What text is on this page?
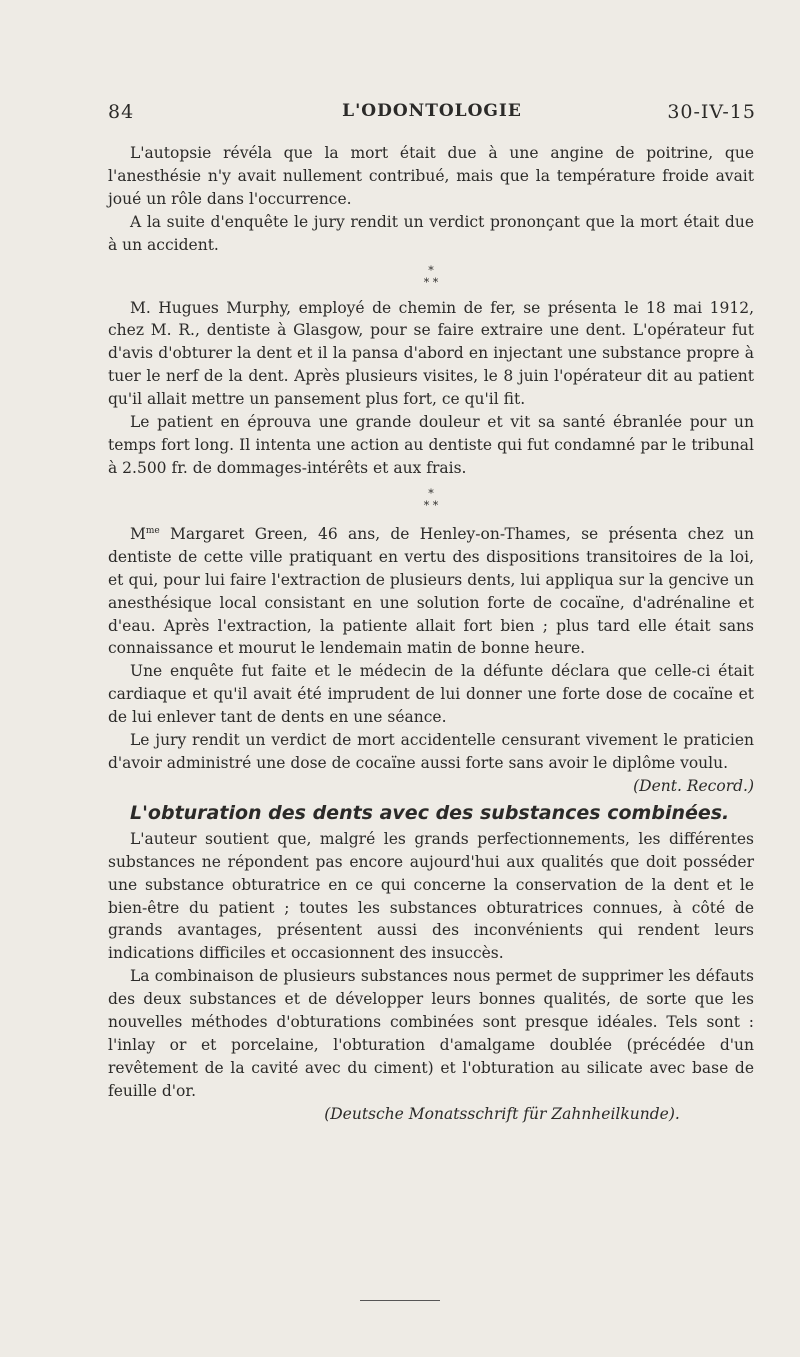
84	L'ODONTOLOGIE	30-IV-15

L'autopsie révéla que la mort était due à une angine de poitrine, que l'anesthésie n'y avait nullement contribué, mais que la température froide avait joué un rôle dans l'occurrence.

A la suite d'enquête le jury rendit un verdict prononçant que la mort était due à un accident.

*
* *

M. Hugues Murphy, employé de chemin de fer, se présenta le 18 mai 1912, chez M. R., dentiste à Glasgow, pour se faire extraire une dent. L'opérateur fut d'avis d'obturer la dent et il la pansa d'abord en injectant une substance propre à tuer le nerf de la dent. Après plusieurs visites, le 8 juin l'opérateur dit au patient qu'il allait mettre un pansement plus fort, ce qu'il fit.

Le patient en éprouva une grande douleur et vit sa santé ébranlée pour un temps fort long. Il intenta une action au dentiste qui fut condamné par le tribunal à 2.500 fr. de dommages-intérêts et aux frais.

*
* *

$M^{me}$ Margaret Green, 46 ans, de Henley-on-Thames, se présenta chez un dentiste de cette ville pratiquant en vertu des dispositions transitoires de la loi, et qui, pour lui faire l'extraction de plusieurs dents, lui appliqua sur la gencive un anesthésique local consistant en une solution forte de cocaïne, d'adrénaline et d'eau. Après l'extraction, la patiente allait fort bien ; plus tard elle était sans connaissance et mourut le lendemain matin de bonne heure.

Une enquête fut faite et le médecin de la défunte déclara que celle-ci était cardiaque et qu'il avait été imprudent de lui donner une forte dose de cocaïne et de lui enlever tant de dents en une séance.

Le jury rendit un verdict de mort accidentelle censurant vivement le praticien d'avoir administré une dose de cocaïne aussi forte sans avoir le diplôme voulu.

(Dent. Record.)

L'obturation des dents avec des substances combinées.

L'auteur soutient que, malgré les grands perfectionnements, les différentes substances ne répondent pas encore aujourd'hui aux qualités que doit posséder une substance obturatrice en ce qui concerne la conservation de la dent et le bien-être du patient ; toutes les substances obturatrices connues, à côté de grands avantages, présentent aussi des inconvénients qui rendent leurs indications difficiles et occasionnent des insuccès.

La combinaison de plusieurs substances nous permet de supprimer les défauts des deux substances et de développer leurs bonnes qualités, de sorte que les nouvelles méthodes d'obturations combinées sont presque idéales. Tels sont : l'inlay or et porcelaine, l'obturation d'amalgame doublée (précédée d'un revêtement de la cavité avec du ciment) et l'obturation au silicate avec base de feuille d'or.

(Deutsche Monatsschrift für Zahnheilkunde).
